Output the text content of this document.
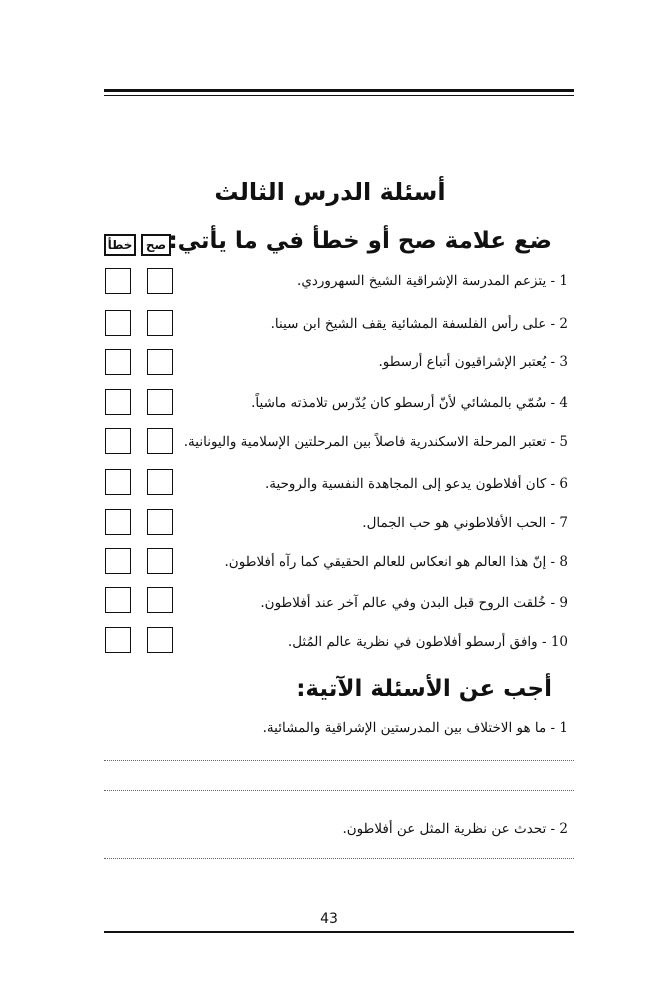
أسئلة الدرس الثالث
ضع علامة صح أو خطأ في ما يأتي:
صح
خطأ
1 - يتزعم المدرسة الإشراقية الشيخ السهروردي.
2 - على رأس الفلسفة المشائية يقف الشيخ ابن سينا.
3 - يُعتبر الإشراقيون أتباع أرسطو.
4 - سُمّي بالمشائي لأنّ أرسطو كان يُدّرس تلامذته ماشياً.
5 - تعتبر المرحلة الاسكندرية فاصلاً بين المرحلتين الإسلامية واليونانية.
6 - كان أفلاطون يدعو إلى المجاهدة النفسية والروحية.
7 - الحب الأفلاطوني هو حب الجمال.
8 - إنّ هذا العالم هو انعكاس للعالم الحقيقي كما رآه أفلاطون.
9 - خُلقت الروح قبل البدن وفي عالم آخر عند أفلاطون.
10 - وافق أرسطو أفلاطون في نظرية عالم المُثل.
أجب عن الأسئلة الآتية:
1 - ما هو الاختلاف بين المدرستين الإشراقية والمشائية.
2 - تحدث عن نظرية المثل عن أفلاطون.
43
